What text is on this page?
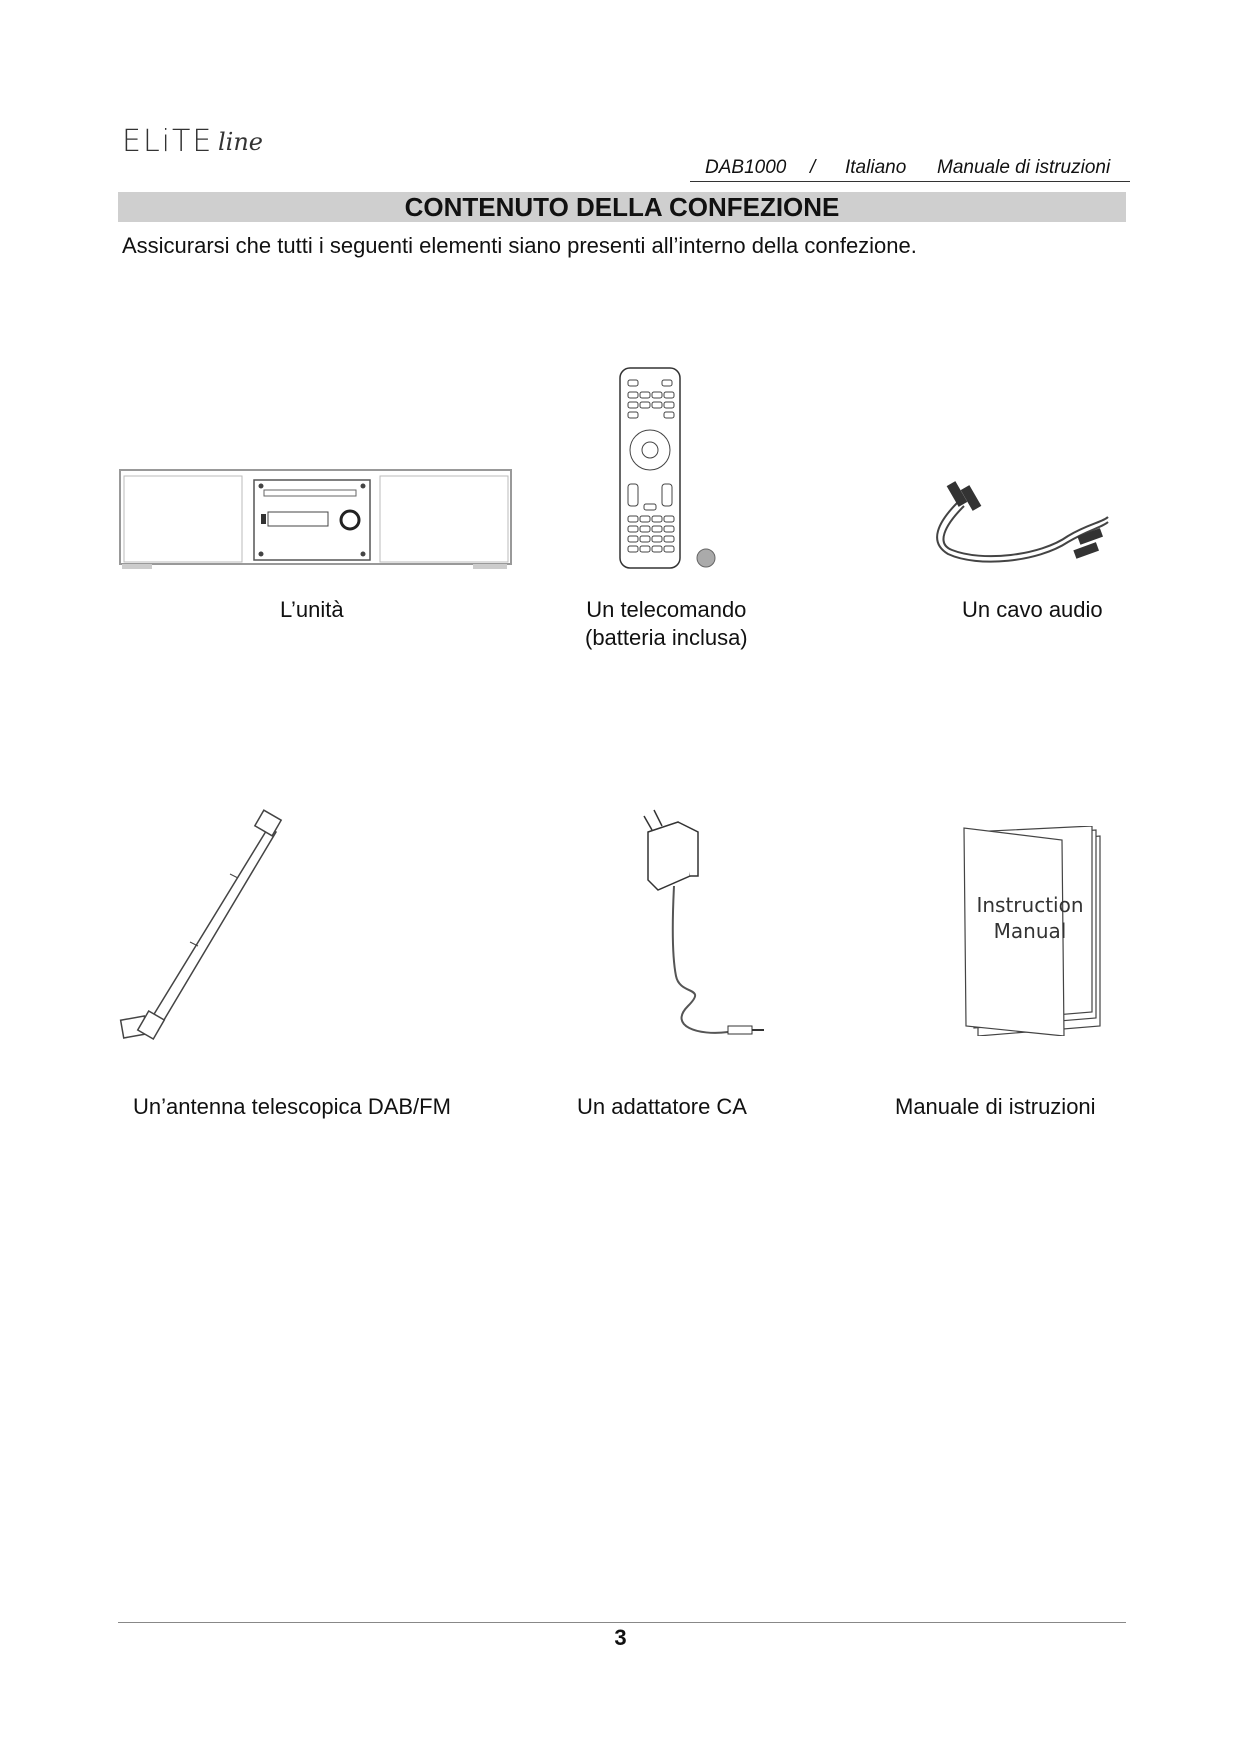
ELiTE line
DAB1000 / Italiano Manuale di istruzioni
CONTENUTO DELLA CONFEZIONE
Assicurarsi che tutti i seguenti elementi siano presenti all’interno della confezione.
L’unità	Un telecomando
(batteria inclusa)
Un cavo audio
Un’antenna telescopica DAB/FM	Un adattatore CA
Instruction
Manual
Manuale di istruzioni
3
